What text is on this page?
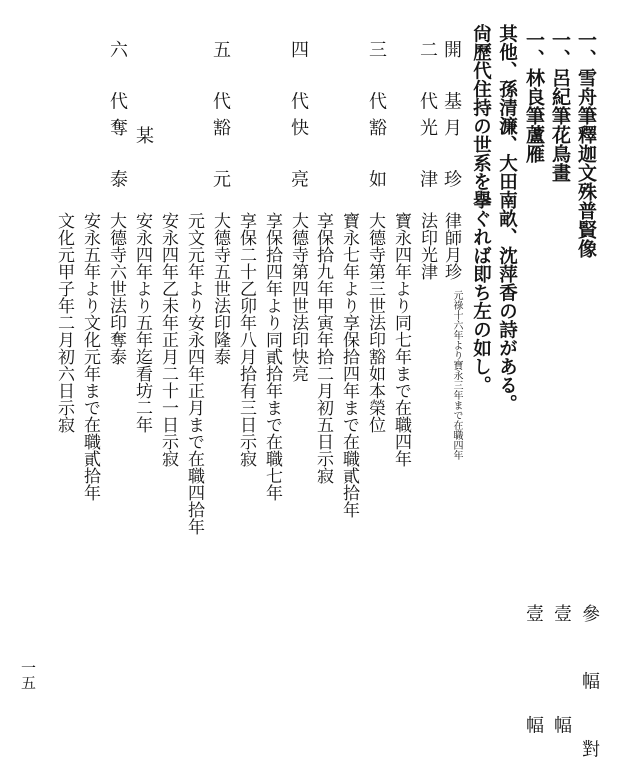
一、雪舟筆釋迦文殊普賢像
一、呂紀筆花鳥畫
一、林良筆蘆雁
其他、孫清濂、大田南畝、沈萍香の詩がある。
尙歷代住持の世系を擧ぐれば即ち左の如し。
參 幅 對
壹 幅
壹 幅
開 基
月 珍
律師月珍
元祿十六年より寶永三年まで在職四年
二 代
光 津
法印光津
三 代
豁 如
寶永四年より同七年まで在職四年
大德寺第三世法印豁如本榮位
寶永七年より享保拾四年まで在職貳拾年
享保拾九年甲寅年拾二月初五日示寂
四 代
快 亮
大德寺第四世法印快亮
享保拾四年より同貳拾年まで在職七年
享保二十乙卯年八月拾有三日示寂
五 代
豁 元
大德寺五世法印隆泰
元文元年より安永四年正月まで在職四拾年
某
安永四年乙未年正月二十一日示寂
安永四年より五年迄看坊二年
六 代
奪 泰
大德寺六世法印奪泰
安永五年より文化元年まで在職貳拾年
文化元甲子年二月初六日示寂
一五
